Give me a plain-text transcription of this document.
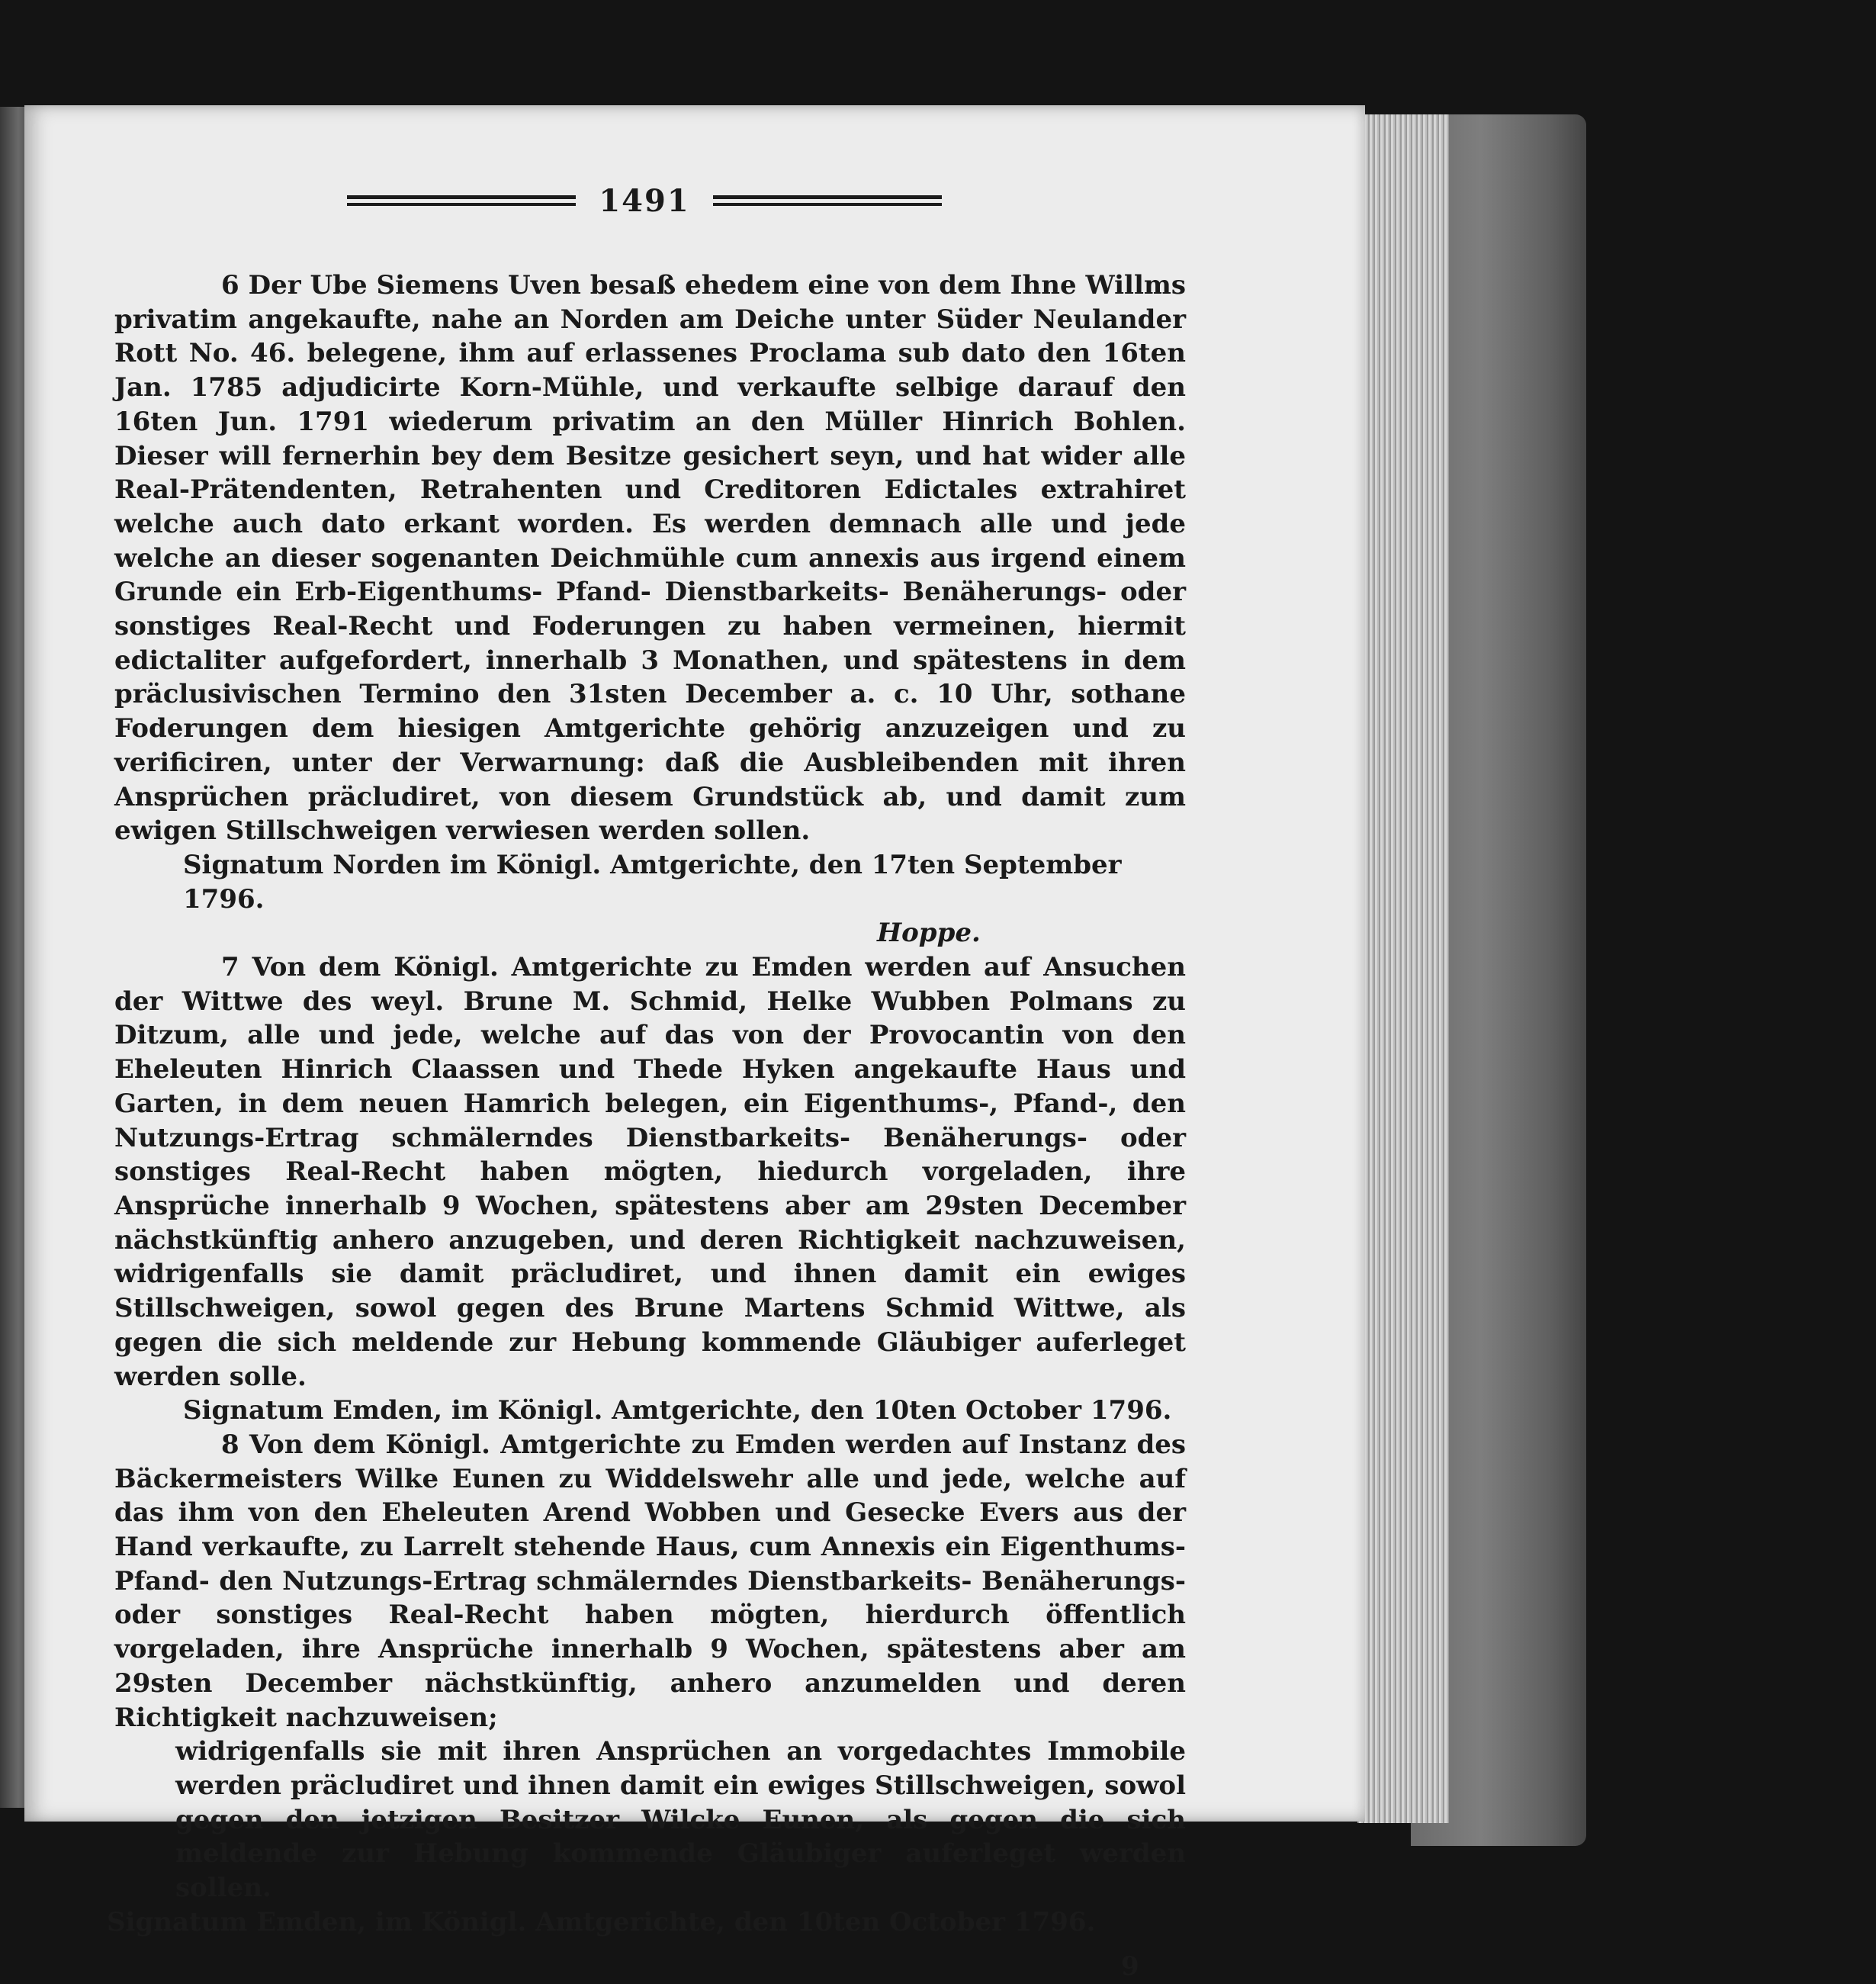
1491

6 Der Ube Siemens Uven besaß ehedem eine von dem Ihne Willms privatim angekaufte, nahe an Norden am Deiche unter Süder Neulander Rott No. 46. belegene, ihm auf erlassenes Proclama sub dato den 16ten Jan. 1785 adjudicirte Korn-Mühle, und verkaufte selbige darauf den 16ten Jun. 1791 wiederum privatim an den Müller Hinrich Bohlen. Dieser will fernerhin bey dem Besitze gesichert seyn, und hat wider alle Real-Prätendenten, Retrahenten und Creditoren Edictales extrahiret welche auch dato erkant worden. Es werden demnach alle und jede welche an dieser sogenanten Deichmühle cum annexis aus irgend einem Grunde ein Erb-Eigenthums- Pfand- Dienstbarkeits- Benäherungs- oder sonstiges Real-Recht und Foderungen zu haben vermeinen, hiermit edictaliter aufgefordert, innerhalb 3 Monathen, und spätestens in dem präclusivischen Termino den 31sten December a. c. 10 Uhr, sothane Foderungen dem hiesigen Amtgerichte gehörig anzuzeigen und zu verificiren, unter der Verwarnung: daß die Ausbleibenden mit ihren Ansprüchen präcludiret, von diesem Grundstück ab, und damit zum ewigen Stillschweigen verwiesen werden sollen.

Signatum Norden im Königl. Amtgerichte, den 17ten September 1796.

Hoppe.

7 Von dem Königl. Amtgerichte zu Emden werden auf Ansuchen der Wittwe des weyl. Brune M. Schmid, Helke Wubben Polmans zu Ditzum, alle und jede, welche auf das von der Provocantin von den Eheleuten Hinrich Claassen und Thede Hyken angekaufte Haus und Garten, in dem neuen Hamrich belegen, ein Eigenthums-, Pfand-, den Nutzungs-Ertrag schmälerndes Dienstbarkeits- Benäherungs- oder sonstiges Real-Recht haben mögten, hiedurch vorgeladen, ihre Ansprüche innerhalb 9 Wochen, spätestens aber am 29sten December nächstkünftig anhero anzugeben, und deren Richtigkeit nachzuweisen, widrigenfalls sie damit präcludiret, und ihnen damit ein ewiges Stillschweigen, sowol gegen des Brune Martens Schmid Wittwe, als gegen die sich meldende zur Hebung kommende Gläubiger auferleget werden solle.

Signatum Emden, im Königl. Amtgerichte, den 10ten October 1796.

8 Von dem Königl. Amtgerichte zu Emden werden auf Instanz des Bäckermeisters Wilke Eunen zu Widdelswehr alle und jede, welche auf das ihm von den Eheleuten Arend Wobben und Gesecke Evers aus der Hand verkaufte, zu Larrelt stehende Haus, cum Annexis ein Eigenthums- Pfand- den Nutzungs-Ertrag schmälerndes Dienstbarkeits- Benäherungs- oder sonstiges Real-Recht haben mögten, hierdurch öffentlich vorgeladen, ihre Ansprüche innerhalb 9 Wochen, spätestens aber am 29sten December nächstkünftig, anhero anzumelden und deren Richtigkeit nachzuweisen;

widrigenfalls sie mit ihren Ansprüchen an vorgedachtes Immobile werden präcludiret und ihnen damit ein ewiges Stillschweigen, sowol gegen den jetzigen Besitzer Wilcke Eunen, als gegen die sich meldende zur Hebung kommende Gläubiger auferleget werden sollen.

Signatum Emden, im Königl. Amtgerichte, den 10ten October 1796.

9
